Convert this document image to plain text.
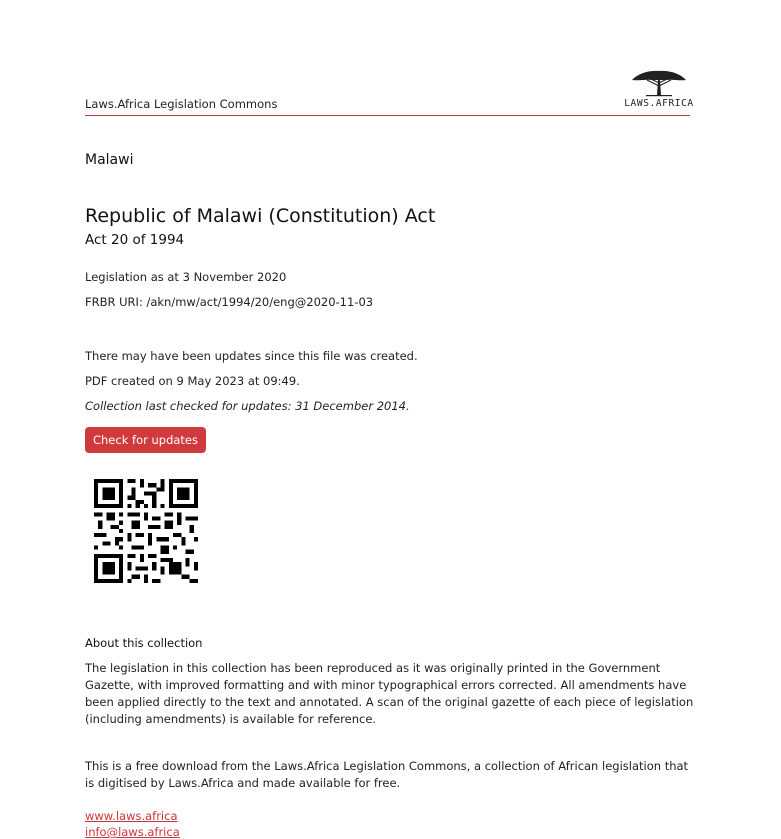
Laws.Africa Legislation Commons	LAWS.AFRICA
Malawi
Republic of Malawi (Constitution) Act
Act 20 of 1994
Legislation as at 3 November 2020
FRBR URI: /akn/mw/act/1994/20/eng@2020-11-03
There may have been updates since this file was created.
PDF created on 9 May 2023 at 09:49.
Collection last checked for updates: 31 December 2014.
Check for updates
About this collection
The legislation in this collection has been reproduced as it was originally printed in the Government Gazette, with improved formatting and with minor typographical errors corrected. All amendments have been applied directly to the text and annotated. A scan of the original gazette of each piece of legislation (including amendments) is available for reference.
This is a free download from the Laws.Africa Legislation Commons, a collection of African legislation that is digitised by Laws.Africa and made available for free.
www.laws.africa
info@laws.africa
